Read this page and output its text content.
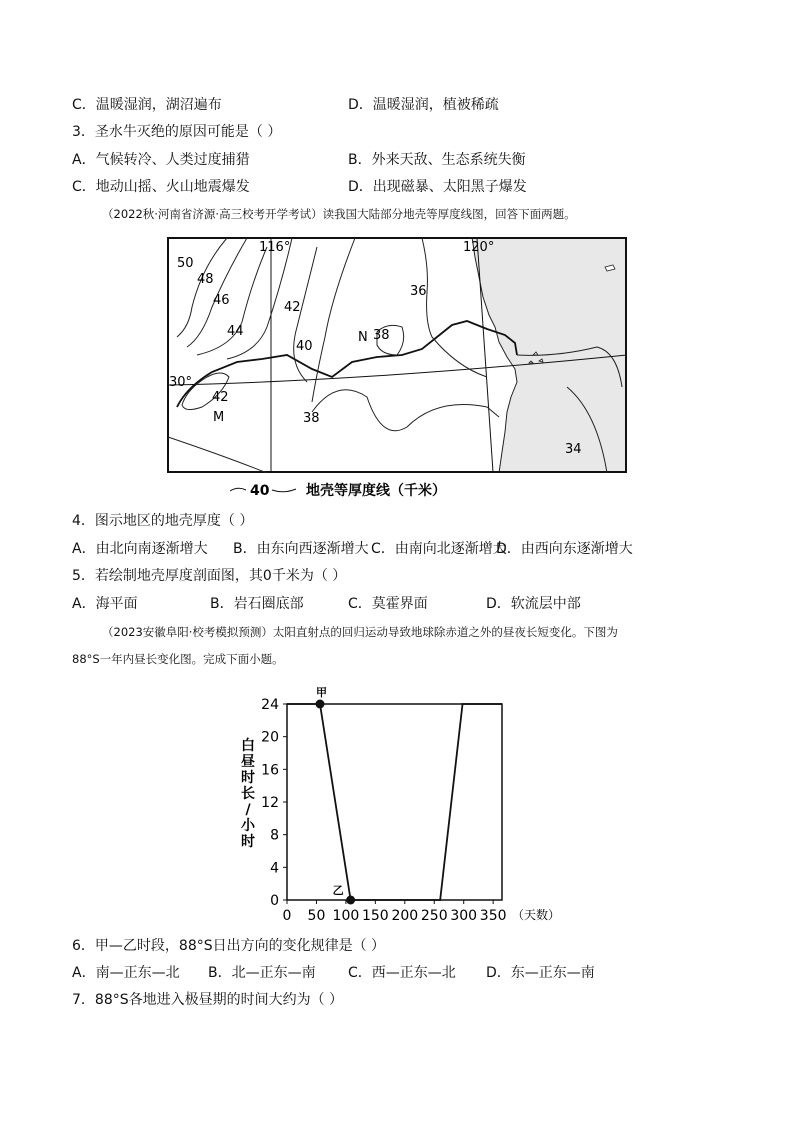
C．温暖湿润，湖沼遍布	D．温暖湿润，植被稀疏
3．圣水牛灭绝的原因可能是（ ）
A．气候转冷、人类过度捕猎	B．外来天敌、生态系统失衡
C．地动山摇、火山地震爆发	D．出现磁暴、太阳黑子爆发
（2022秋·河南省济源·高三校考开学考试）读我国大陆部分地壳等厚度线图，回答下面两题。
116°	120°
30°
50
48
46
44
42
40
36
38
42
38
34
N
M
40	地壳等厚度线（千米）
4．图示地区的地壳厚度（ ）
A．由北向南逐渐增大 B．由东向西逐渐增大 C．由南向北逐渐增大
D．由西向东逐渐增大
5．若绘制地壳厚度剖面图，其0千米为（ ）
A．海平面	B．岩石圈底部	C．莫霍界面	D．软流层中部
（2023安徽阜阳·校考模拟预测）太阳直射点的回归运动导致地球除赤道之外的昼夜长短变化。下图为
88°S一年内昼长变化图。完成下面小题。
0
4
8
12
16
20
24
0 50 100 150 200 250 300 350 （天数）
白
昼
时
长
/
小
时
甲
乙
6．甲—乙时段，88°S日出方向的变化规律是（ ）
A．南—正东—北 B．北—正东—南 C．西—正东—北 D．东—正东—南
7．88°S各地进入极昼期的时间大约为（ ）
